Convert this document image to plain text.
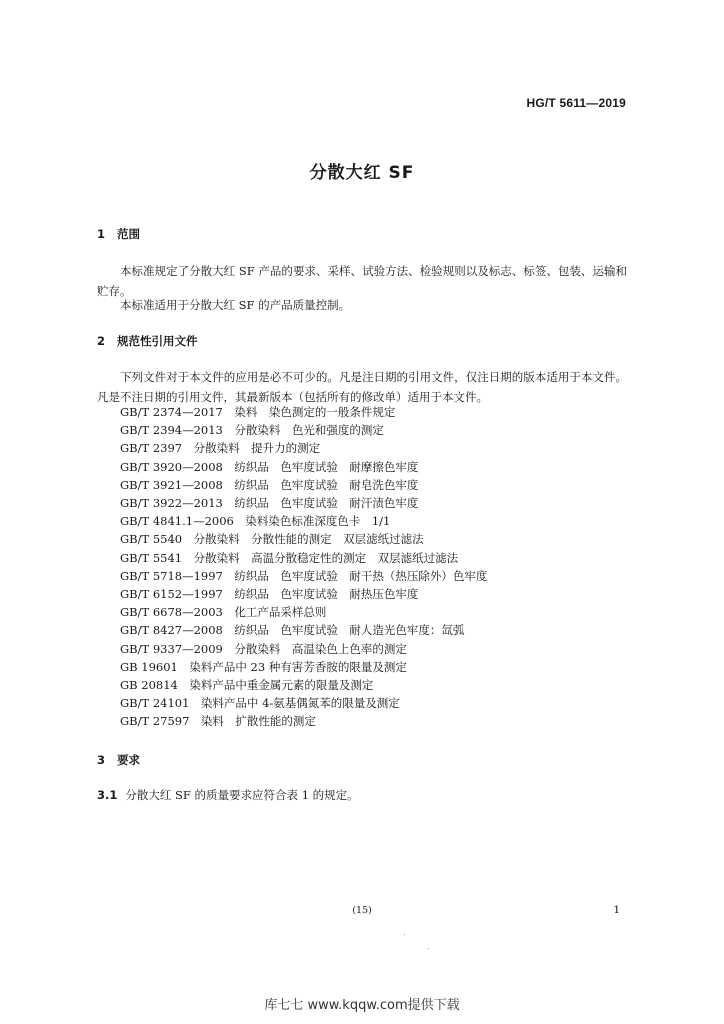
HG/T 5611—2019
分散大红 SF
1 范围
本标准规定了分散大红 SF 产品的要求、采样、试验方法、检验规则以及标志、标签、包装、运输和贮存。
本标准适用于分散大红 SF 的产品质量控制。
2 规范性引用文件
下列文件对于本文件的应用是必不可少的。凡是注日期的引用文件，仅注日期的版本适用于本文件。凡是不注日期的引用文件，其最新版本（包括所有的修改单）适用于本文件。
GB/T 2374—2017　染料　染色测定的一般条件规定
GB/T 2394—2013　分散染料　色光和强度的测定
GB/T 2397　分散染料　提升力的测定
GB/T 3920—2008　纺织品　色牢度试验　耐摩擦色牢度
GB/T 3921—2008　纺织品　色牢度试验　耐皂洗色牢度
GB/T 3922—2013　纺织品　色牢度试验　耐汗渍色牢度
GB/T 4841.1—2006　染料染色标准深度色卡　1/1
GB/T 5540　分散染料　分散性能的测定　双层滤纸过滤法
GB/T 5541　分散染料　高温分散稳定性的测定　双层滤纸过滤法
GB/T 5718—1997　纺织品　色牢度试验　耐干热（热压除外）色牢度
GB/T 6152—1997　纺织品　色牢度试验　耐热压色牢度
GB/T 6678—2003　化工产品采样总则
GB/T 8427—2008　纺织品　色牢度试验　耐人造光色牢度：氙弧
GB/T 9337—2009　分散染料　高温染色上色率的测定
GB 19601　染料产品中 23 种有害芳香胺的限量及测定
GB 20814　染料产品中重金属元素的限量及测定
GB/T 24101　染料产品中 4-氨基偶氮苯的限量及测定
GB/T 27597　染料　扩散性能的测定
3 要求
3.1 分散大红 SF 的质量要求应符合表 1 的规定。
(15)	1
库七七 www.kqqw.com提供下载
